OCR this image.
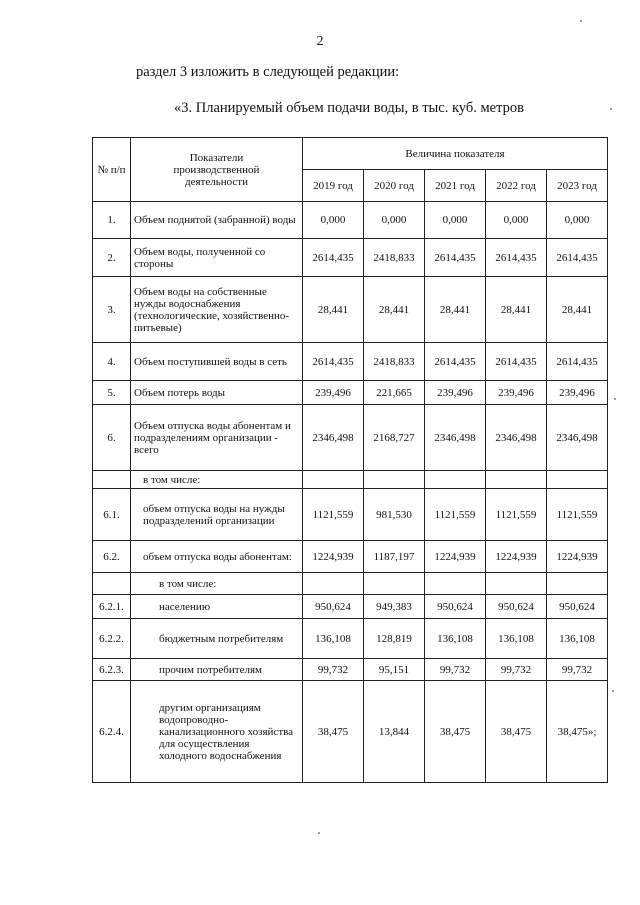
2
раздел 3 изложить в следующей редакции:
«3. Планируемый объем подачи воды, в тыс. куб. метров
№ п/п	Показатели производственной деятельности	Величина показателя				
		2019 год	2020 год	2021 год	2022 год	2023 год
1.	Объем поднятой (забранной) воды	0,000	0,000	0,000	0,000	0,000
2.	Объем воды, полученной со стороны	2614,435	2418,833	2614,435	2614,435	2614,435
3.	Объем воды на собственные нужды водоснабжения (технологические, хозяйственно-питьевые)	28,441	28,441	28,441	28,441	28,441
4.	Объем поступившей воды в сеть	2614,435	2418,833	2614,435	2614,435	2614,435
5.	Объем потерь воды	239,496	221,665	239,496	239,496	239,496
6.	Объем отпуска воды абонентам и подразделениям организации - всего	2346,498	2168,727	2346,498	2346,498	2346,498
	в том числе:					
6.1.	объем отпуска воды на нужды подразделений организации	1121,559	981,530	1121,559	1121,559	1121,559
6.2.	объем отпуска воды абонентам:	1224,939	1187,197	1224,939	1224,939	1224,939
	в том числе:					
6.2.1.	населению	950,624	949,383	950,624	950,624	950,624
6.2.2.	бюджетным потребителям	136,108	128,819	136,108	136,108	136,108
6.2.3.	прочим потребителям	99,732	95,151	99,732	99,732	99,732
6.2.4.	другим организациям водопроводно-канализационного хозяйства для осуществления холодного водоснабжения	38,475	13,844	38,475	38,475	38,475»;
